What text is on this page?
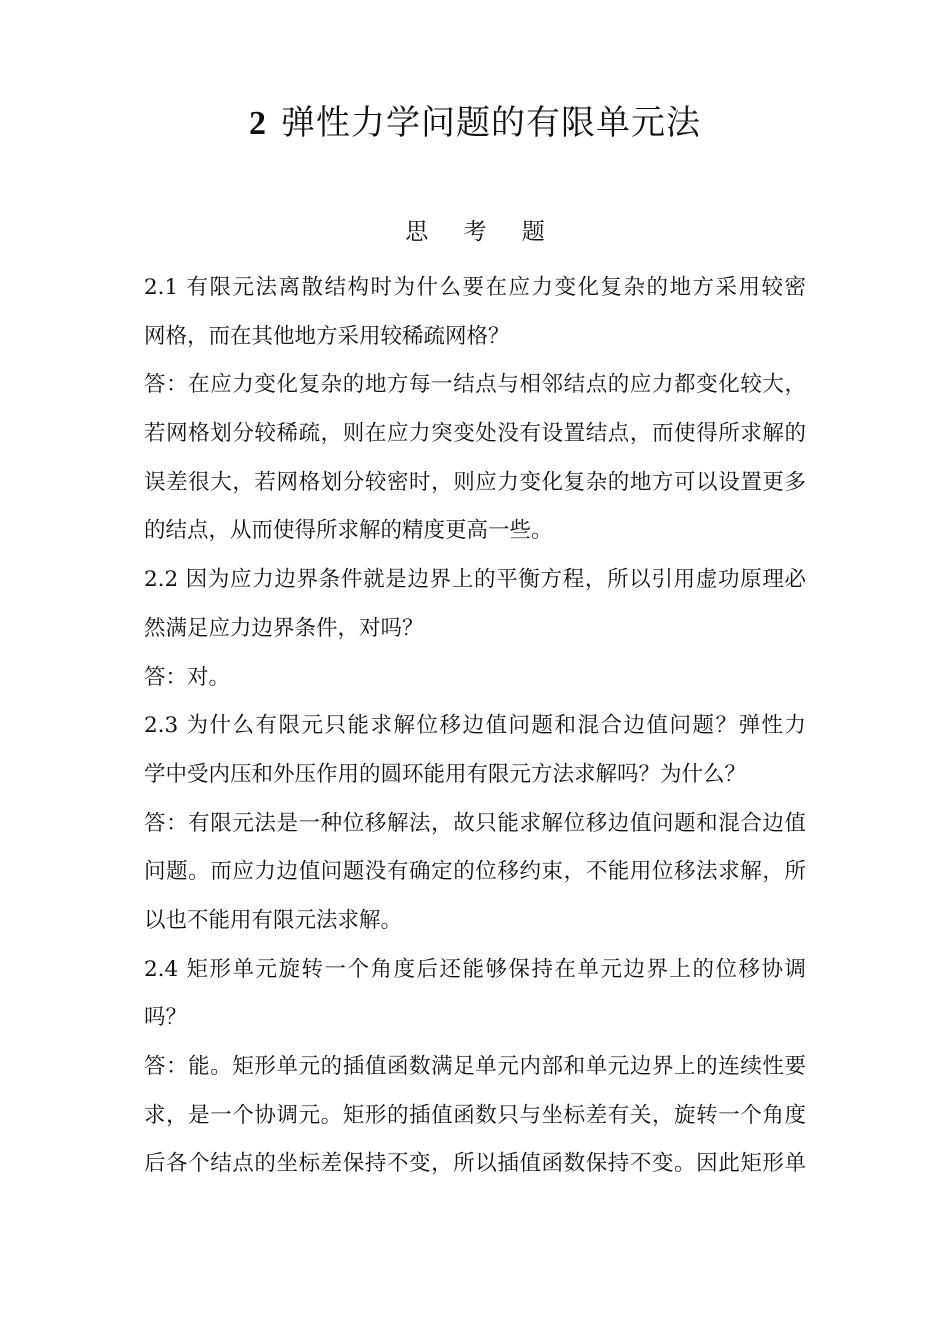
2 弹性力学问题的有限单元法
思 考 题
2.1 有限元法离散结构时为什么要在应力变化复杂的地方采用较密
网格，而在其他地方采用较稀疏网格？
答：在应力变化复杂的地方每一结点与相邻结点的应力都变化较大，
若网格划分较稀疏，则在应力突变处没有设置结点，而使得所求解的
误差很大，若网格划分较密时，则应力变化复杂的地方可以设置更多
的结点，从而使得所求解的精度更高一些。
2.2 因为应力边界条件就是边界上的平衡方程，所以引用虚功原理必
然满足应力边界条件，对吗？
答：对。
2.3 为什么有限元只能求解位移边值问题和混合边值问题？弹性力
学中受内压和外压作用的圆环能用有限元方法求解吗？为什么？
答：有限元法是一种位移解法，故只能求解位移边值问题和混合边值
问题。而应力边值问题没有确定的位移约束，不能用位移法求解，所
以也不能用有限元法求解。
2.4 矩形单元旋转一个角度后还能够保持在单元边界上的位移协调
吗？
答：能。矩形单元的插值函数满足单元内部和单元边界上的连续性要
求，是一个协调元。矩形的插值函数只与坐标差有关，旋转一个角度
后各个结点的坐标差保持不变，所以插值函数保持不变。因此矩形单
